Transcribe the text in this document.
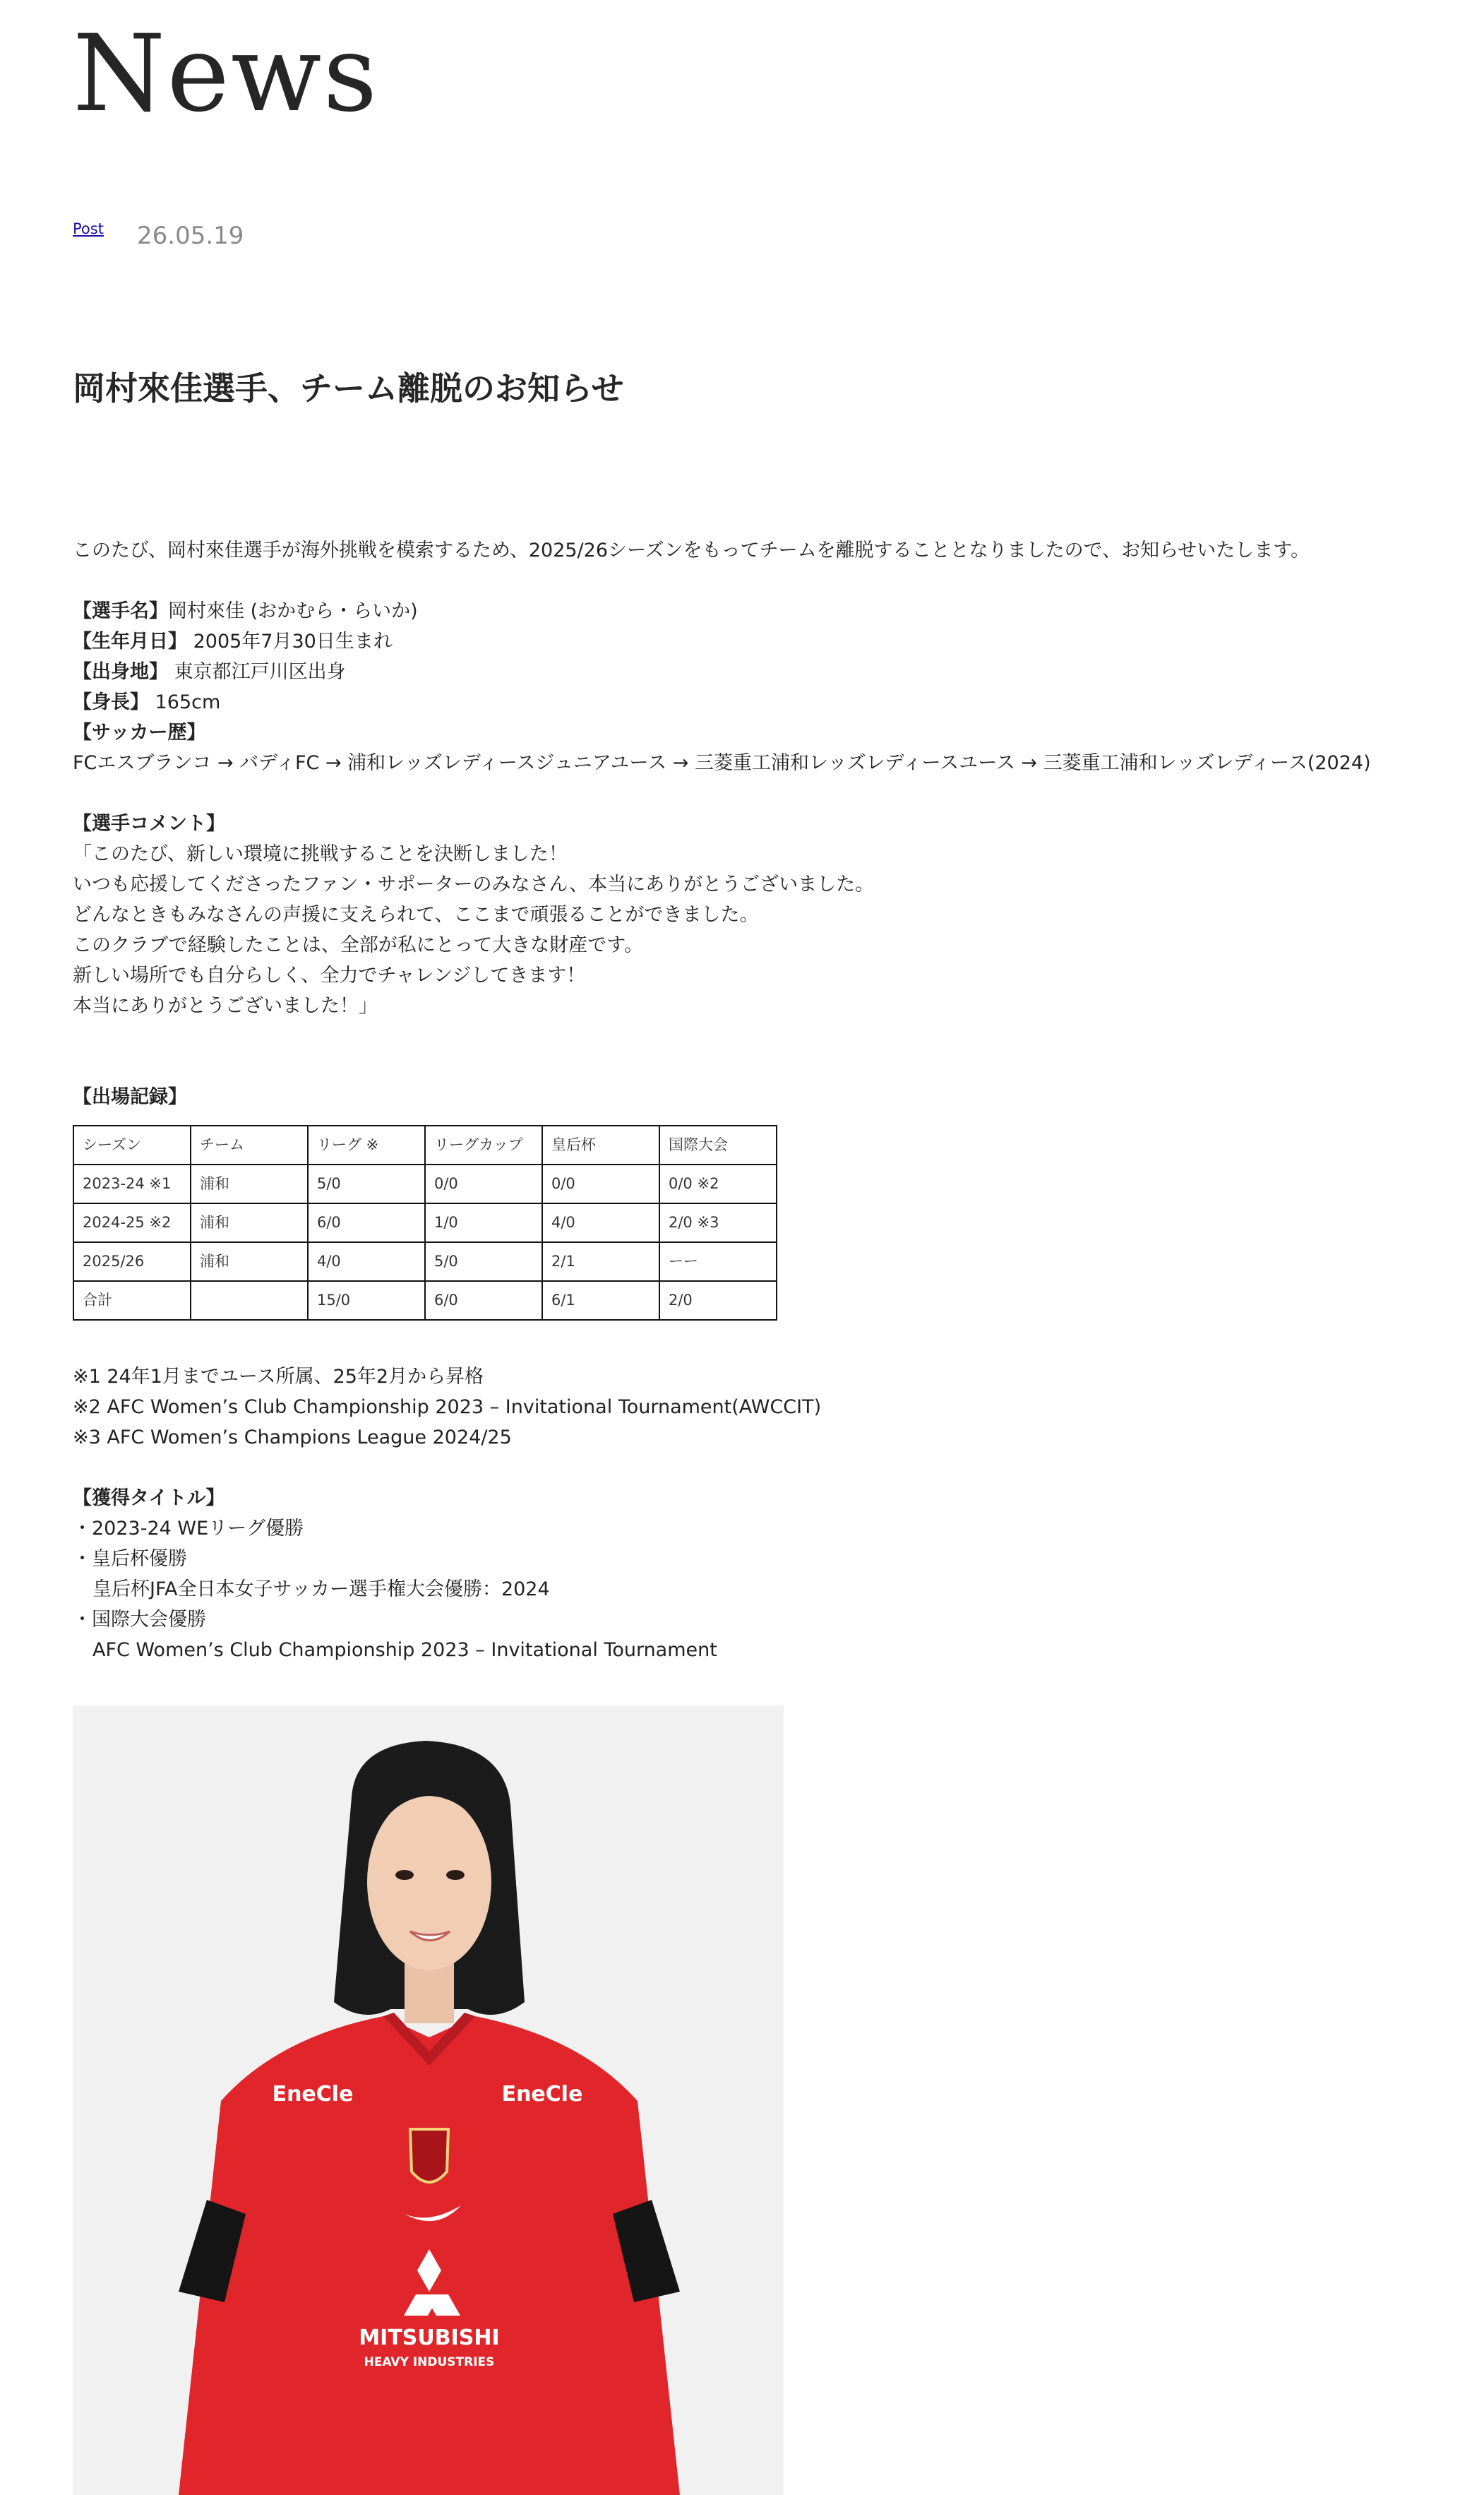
News
Post 26.05.19
岡村來佳選手、チーム離脱のお知らせ
このたび、岡村來佳選手が海外挑戦を模索するため、2025/26シーズンをもってチームを離脱することとなりましたので、お知らせいたします。
【選手名】岡村來佳 (おかむら・らいか)
【生年月日】 2005年7月30日生まれ
【出身地】 東京都江戸川区出身
【身長】 165cm
【サッカー歴】
FCエスブランコ → バディFC → 浦和レッズレディースジュニアユース → 三菱重工浦和レッズレディースユース → 三菱重工浦和レッズレディース(2024)
【選手コメント】
「このたび、新しい環境に挑戦することを決断しました！
いつも応援してくださったファン・サポーターのみなさん、本当にありがとうございました。
どんなときもみなさんの声援に支えられて、ここまで頑張ることができました。
このクラブで経験したことは、全部が私にとって大きな財産です。
新しい場所でも自分らしく、全力でチャレンジしてきます！
本当にありがとうございました！」
【出場記録】
シーズン	チーム	リーグ ※	リーグカップ	皇后杯	国際大会
2023-24 ※1	浦和	5/0	0/0	0/0	0/0 ※2
2024-25 ※2	浦和	6/0	1/0	4/0	2/0 ※3
2025/26	浦和	4/0	5/0	2/1	ーー
合計		15/0	6/0	6/1	2/0
※1 24年1月までユース所属、25年2月から昇格
※2 AFC Women’s Club Championship 2023 – Invitational Tournament(AWCCIT)
※3 AFC Women’s Champions League 2024/25
【獲得タイトル】
・2023-24 WEリーグ優勝
・皇后杯優勝
皇后杯JFA全日本女子サッカー選手権大会優勝：2024
・国際大会優勝
AFC Women’s Club Championship 2023 – Invitational Tournament
MITSUBISHI
HEAVY INDUSTRIES
EneCle	EneCle
